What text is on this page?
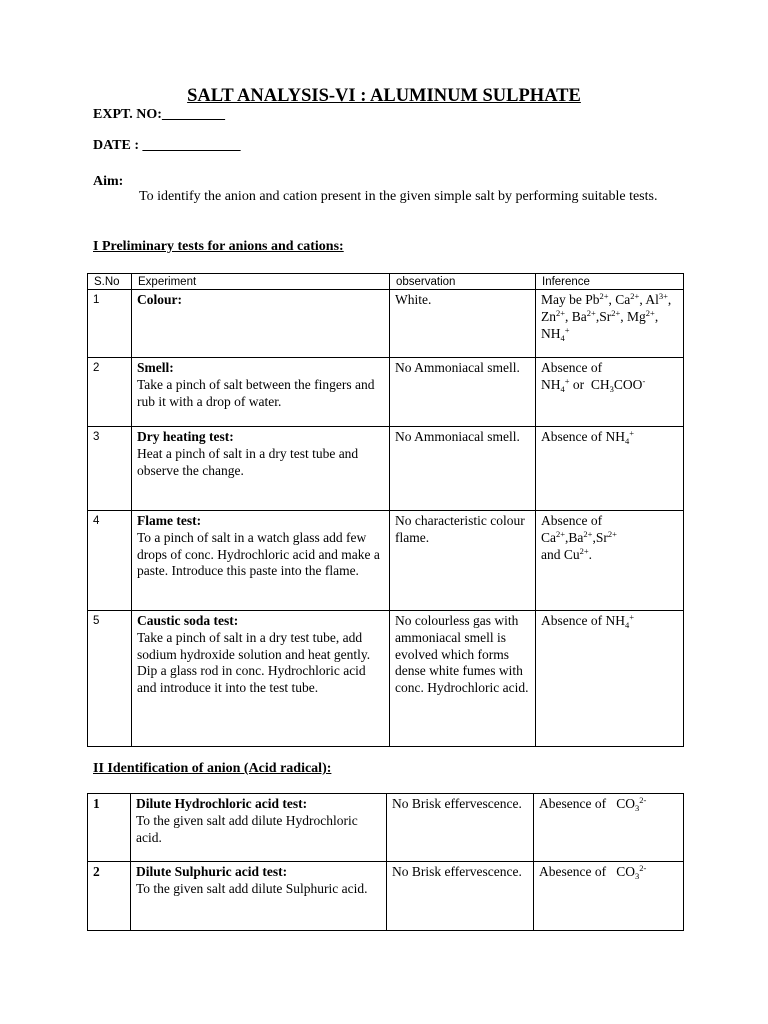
SALT ANALYSIS-VI : ALUMINUM SULPHATE
EXPT. NO:_________
DATE : ______________
Aim:

To identify the anion and cation present in the given simple salt by performing suitable tests.

I Preliminary tests for anions and cations:

S.No	Experiment	observation	Inference
1	Colour:	White.	May be $Pb^{2+}$, $Ca^{2+}$, $Al^{3+}$, $Zn^{2+}$, $Ba^{2+},Sr^{2+}$, $Mg^{2+}$, $NH_4^+$
2	Smell:
Take a pinch of salt between the fingers and rub it with a drop of water.	No Ammoniacal smell.	Absence of
$NH_4^+$ or  $CH_3COO^-$
3	Dry heating test:
Heat a pinch of salt in a dry test tube and observe the change.	No Ammoniacal smell.	Absence of $NH_4^+$
4	Flame test:
To a pinch of salt in a watch glass add few drops of conc. Hydrochloric acid and make a paste. Introduce this paste into the flame.	No characteristic colour flame.	Absence of
$Ca^{2+},Ba^{2+},Sr^{2+}$
and $Cu^{2+}$.
5	Caustic soda test:
Take a pinch of salt in a dry test tube, add sodium hydroxide solution and heat gently. Dip a glass rod in conc. Hydrochloric acid and introduce it into the test tube.	No colourless gas with ammoniacal smell is evolved which forms dense white fumes with conc. Hydrochloric acid.	Absence of $NH_4^+$

II Identification of anion (Acid radical):

1	Dilute Hydrochloric acid test:
To the given salt add dilute Hydrochloric acid.	No Brisk effervescence.	Abesence of   $CO_3^{2-}$
2	Dilute Sulphuric acid test:
To the given salt add dilute Sulphuric acid.	No Brisk effervescence.	Abesence of   $CO_3^{2-}$
